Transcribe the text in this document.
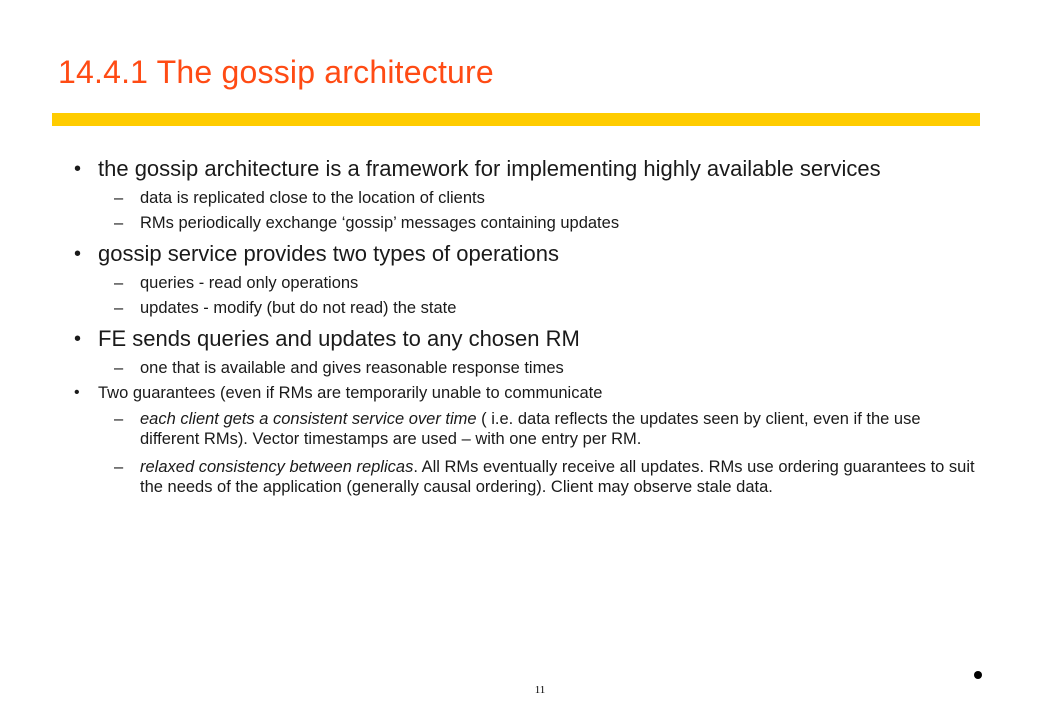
14.4.1 The gossip architecture
• the gossip architecture is a framework for implementing highly available services
– data is replicated close to the location of clients
– RMs periodically exchange ‘gossip’ messages containing updates
• gossip service provides two types of operations
– queries - read only operations
– updates - modify (but do not read) the state
• FE sends queries and updates to any chosen RM
– one that is available and gives reasonable response times
•	Two guarantees (even if RMs are temporarily unable to communicate
– each client gets a consistent service over time ( i.e. data reflects the updates seen by client, even if the use different RMs). Vector timestamps are used – with one entry per RM.
– relaxed consistency between replicas. All RMs eventually receive all updates. RMs use ordering guarantees to suit the needs of the application (generally causal ordering). Client may observe stale data.
11
